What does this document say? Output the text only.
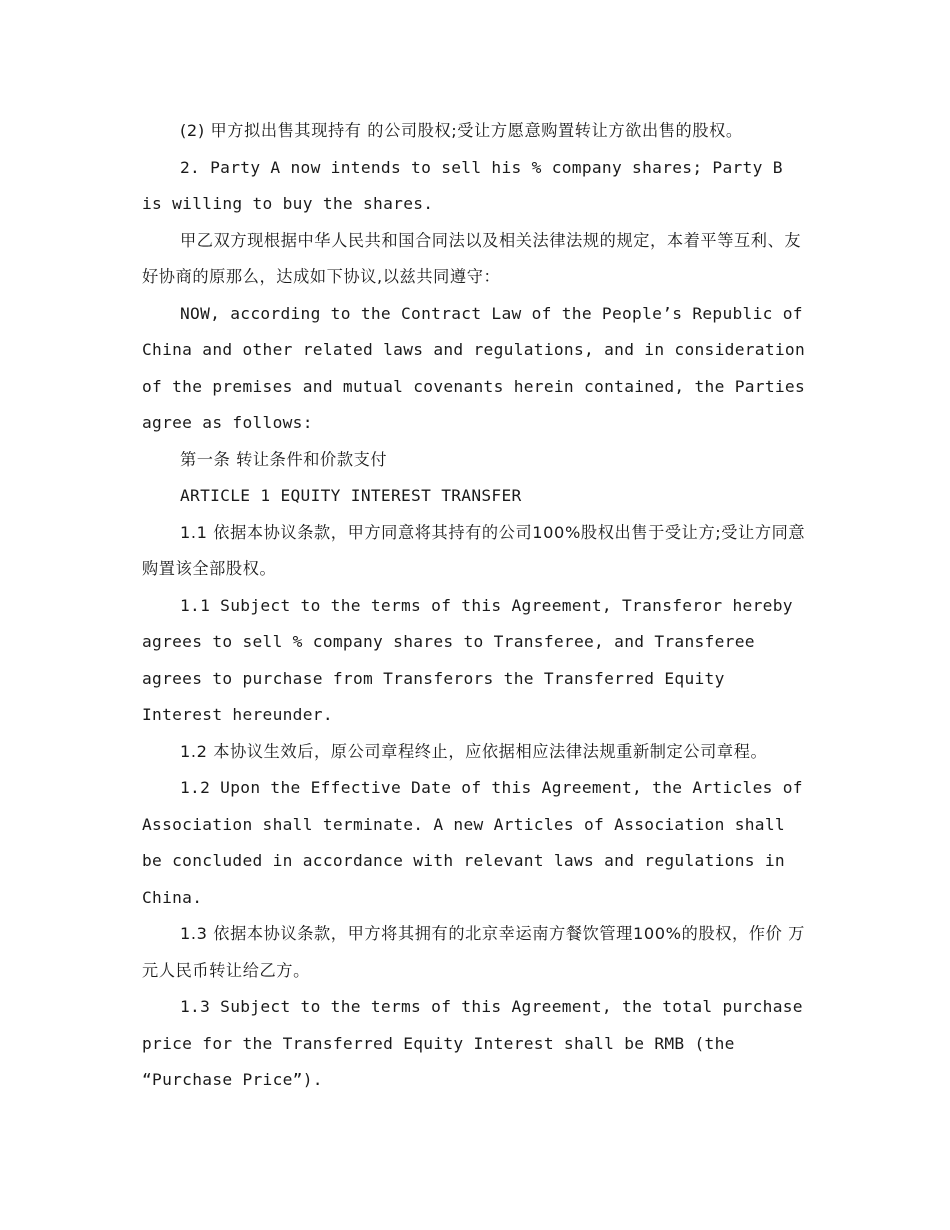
(2) 甲方拟出售其现持有 的公司股权;受让方愿意购置转让方欲出售的股权。

2. Party A now intends to sell his % company shares; Party B is willing to buy the shares.

甲乙双方现根据中华人民共和国合同法以及相关法律法规的规定，本着平等互利、友好协商的原那么，达成如下协议,以兹共同遵守：

NOW, according to the Contract Law of the People’s Republic of China and other related laws and regulations, and in consideration of the premises and mutual covenants herein contained, the Parties agree as follows:

第一条 转让条件和价款支付

ARTICLE 1 EQUITY INTEREST TRANSFER

1.1 依据本协议条款，甲方同意将其持有的公司100%股权出售于受让方;受让方同意购置该全部股权。

1.1 Subject to the terms of this Agreement, Transferor hereby agrees to sell % company shares to Transferee, and Transferee agrees to purchase from Transferors the Transferred Equity Interest hereunder.

1.2 本协议生效后，原公司章程终止，应依据相应法律法规重新制定公司章程。

1.2 Upon the Effective Date of this Agreement, the Articles of Association shall terminate. A new Articles of Association shall be concluded in accordance with relevant laws and regulations in China.

1.3 依据本协议条款，甲方将其拥有的北京幸运南方餐饮管理100%的股权，作价 万元人民币转让给乙方。

1.3 Subject to the terms of this Agreement, the total purchase price for the Transferred Equity Interest shall be RMB (the “Purchase Price”).
